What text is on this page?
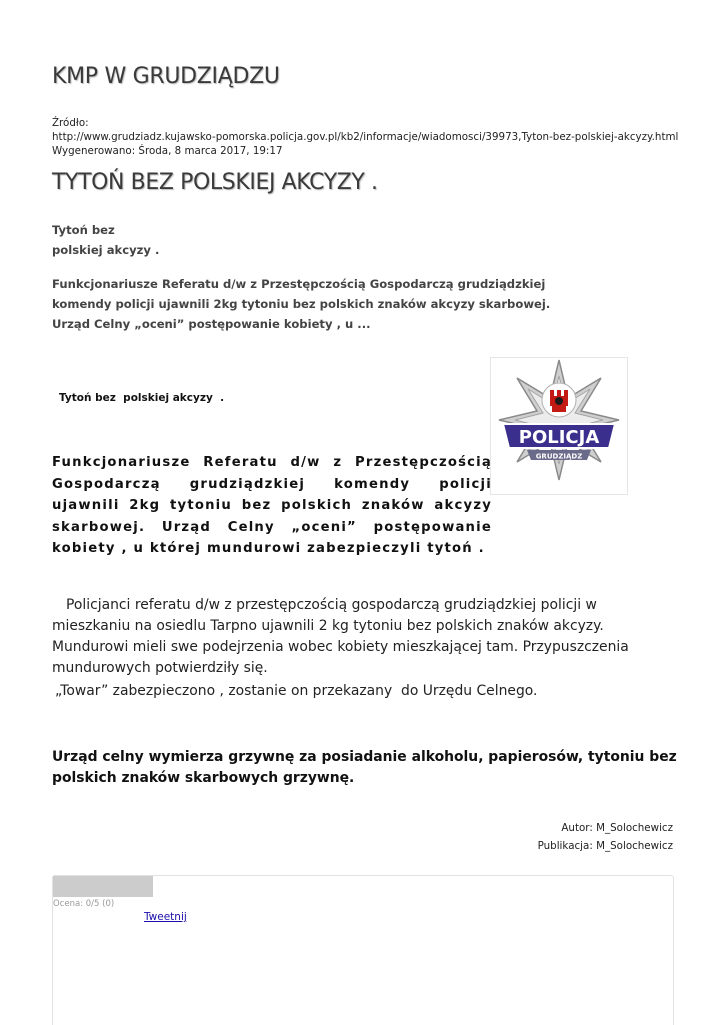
KMP W GRUDZIĄDZU
Źródło:
http://www.grudziadz.kujawsko-pomorska.policja.gov.pl/kb2/informacje/wiadomosci/39973,Tyton-bez-polskiej-akcyzy.html
Wygenerowano: Środa, 8 marca 2017, 19:17
TYTOŃ BEZ POLSKIEJ AKCYZY .
Tytoń bez
polskiej akcyzy .
Funkcjonariusze Referatu d/w z Przestępczością Gospodarczą grudziądzkiej komendy policji ujawnili 2kg tytoniu bez polskich znaków akcyzy skarbowej. Urząd Celny „oceni” postępowanie kobiety , u ...
Tytoń bez  polskiej akcyzy  .
POLICJA
GRUDZIĄDZ
Funkcjonariusze Referatu d/w z Przestępczością Gospodarczą grudziądzkiej komendy policji ujawnili 2kg tytoniu bez polskich znaków akcyzy skarbowej. Urząd Celny „oceni” postępowanie kobiety , u której mundurowi zabezpieczyli tytoń .
Policjanci referatu d/w z przestępczością gospodarczą grudziądzkiej policji w mieszkaniu na osiedlu Tarpno ujawnili 2 kg tytoniu bez polskich znaków akcyzy. Mundurowi mieli swe podejrzenia wobec kobiety mieszkającej tam. Przypuszczenia mundurowych potwierdziły się.
„Towar” zabezpieczono , zostanie on przekazany  do Urzędu Celnego.
Urząd celny wymierza grzywnę za posiadanie alkoholu, papierosów, tytoniu bez polskich znaków skarbowych grzywnę.
Autor: M_Solochewicz
Publikacja: M_Solochewicz
Ocena: 0/5 (0)
Tweetnij
